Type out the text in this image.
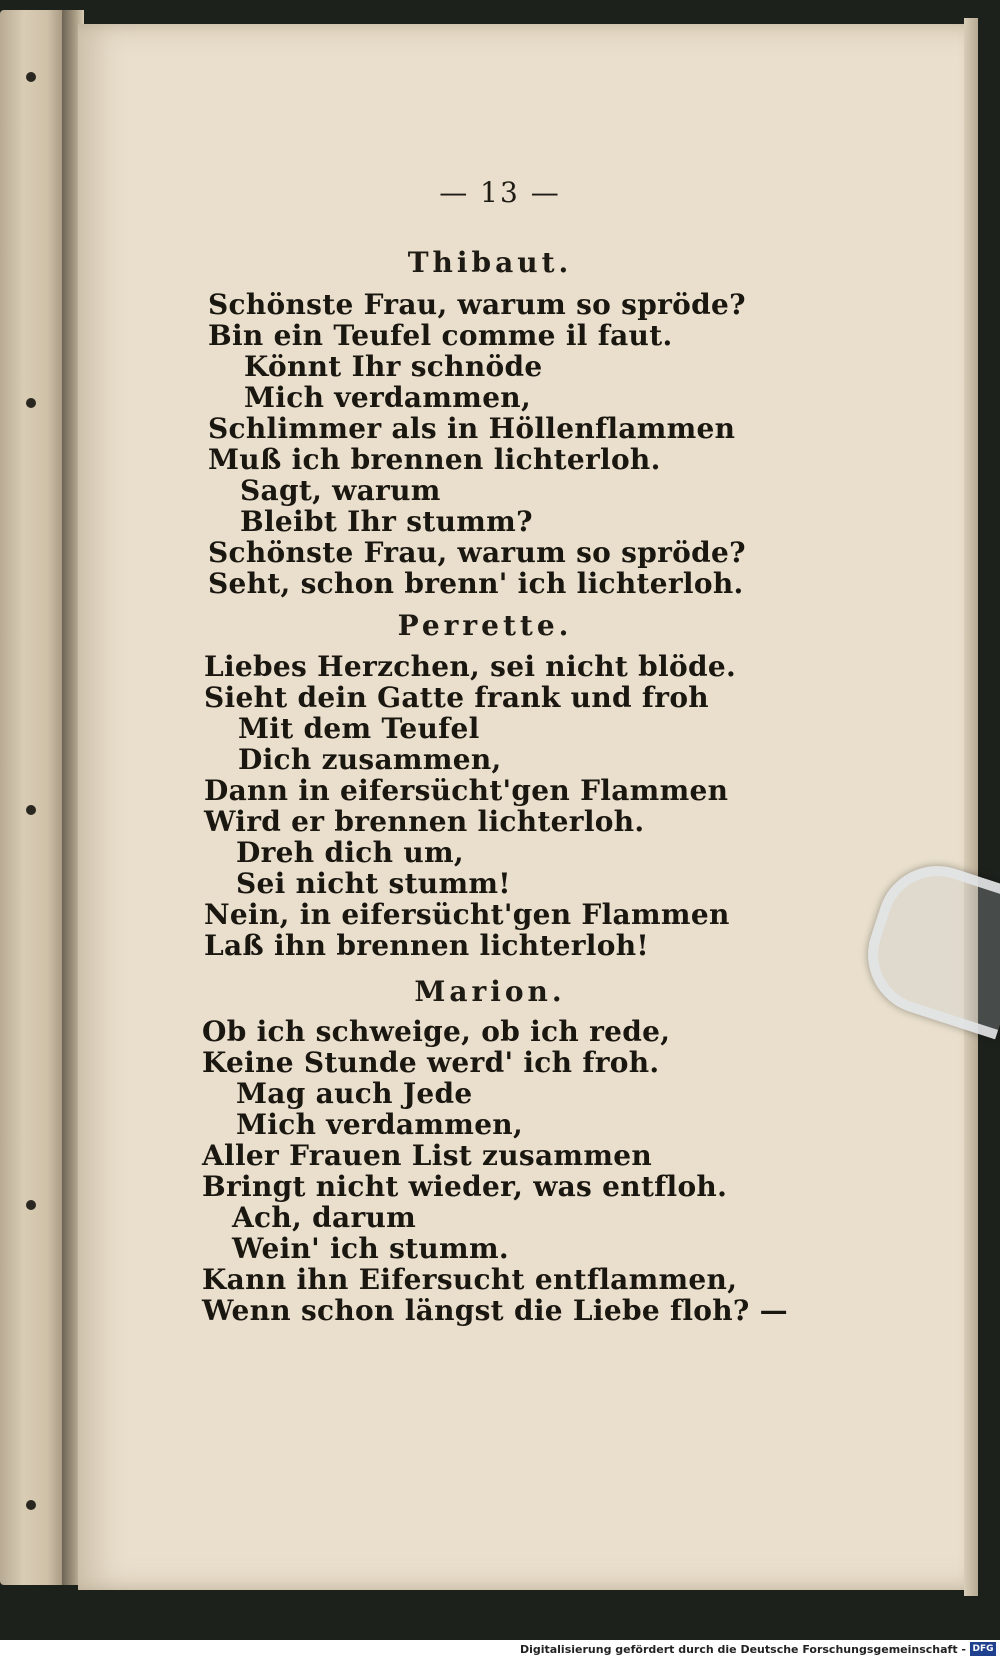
— 13 —
Thibaut.
Schönste Frau, warum so spröde?
Bin ein Teufel comme il faut.
Könnt Ihr schnöde
Mich verdammen,
Schlimmer als in Höllenflammen
Muß ich brennen lichterloh.
Sagt, warum
Bleibt Ihr stumm?
Schönste Frau, warum so spröde?
Seht, schon brenn' ich lichterloh.
Perrette.
Liebes Herzchen, sei nicht blöde.
Sieht dein Gatte frank und froh
Mit dem Teufel
Dich zusammen,
Dann in eifersücht'gen Flammen
Wird er brennen lichterloh.
Dreh dich um,
Sei nicht stumm!
Nein, in eifersücht'gen Flammen
Laß ihn brennen lichterloh!
Marion.
Ob ich schweige, ob ich rede,
Keine Stunde werd' ich froh.
Mag auch Jede
Mich verdammen,
Aller Frauen List zusammen
Bringt nicht wieder, was entfloh.
Ach, darum
Wein' ich stumm.
Kann ihn Eifersucht entflammen,
Wenn schon längst die Liebe floh? —
Digitalisierung gefördert durch die Deutsche Forschungsgemeinschaft - DFG
